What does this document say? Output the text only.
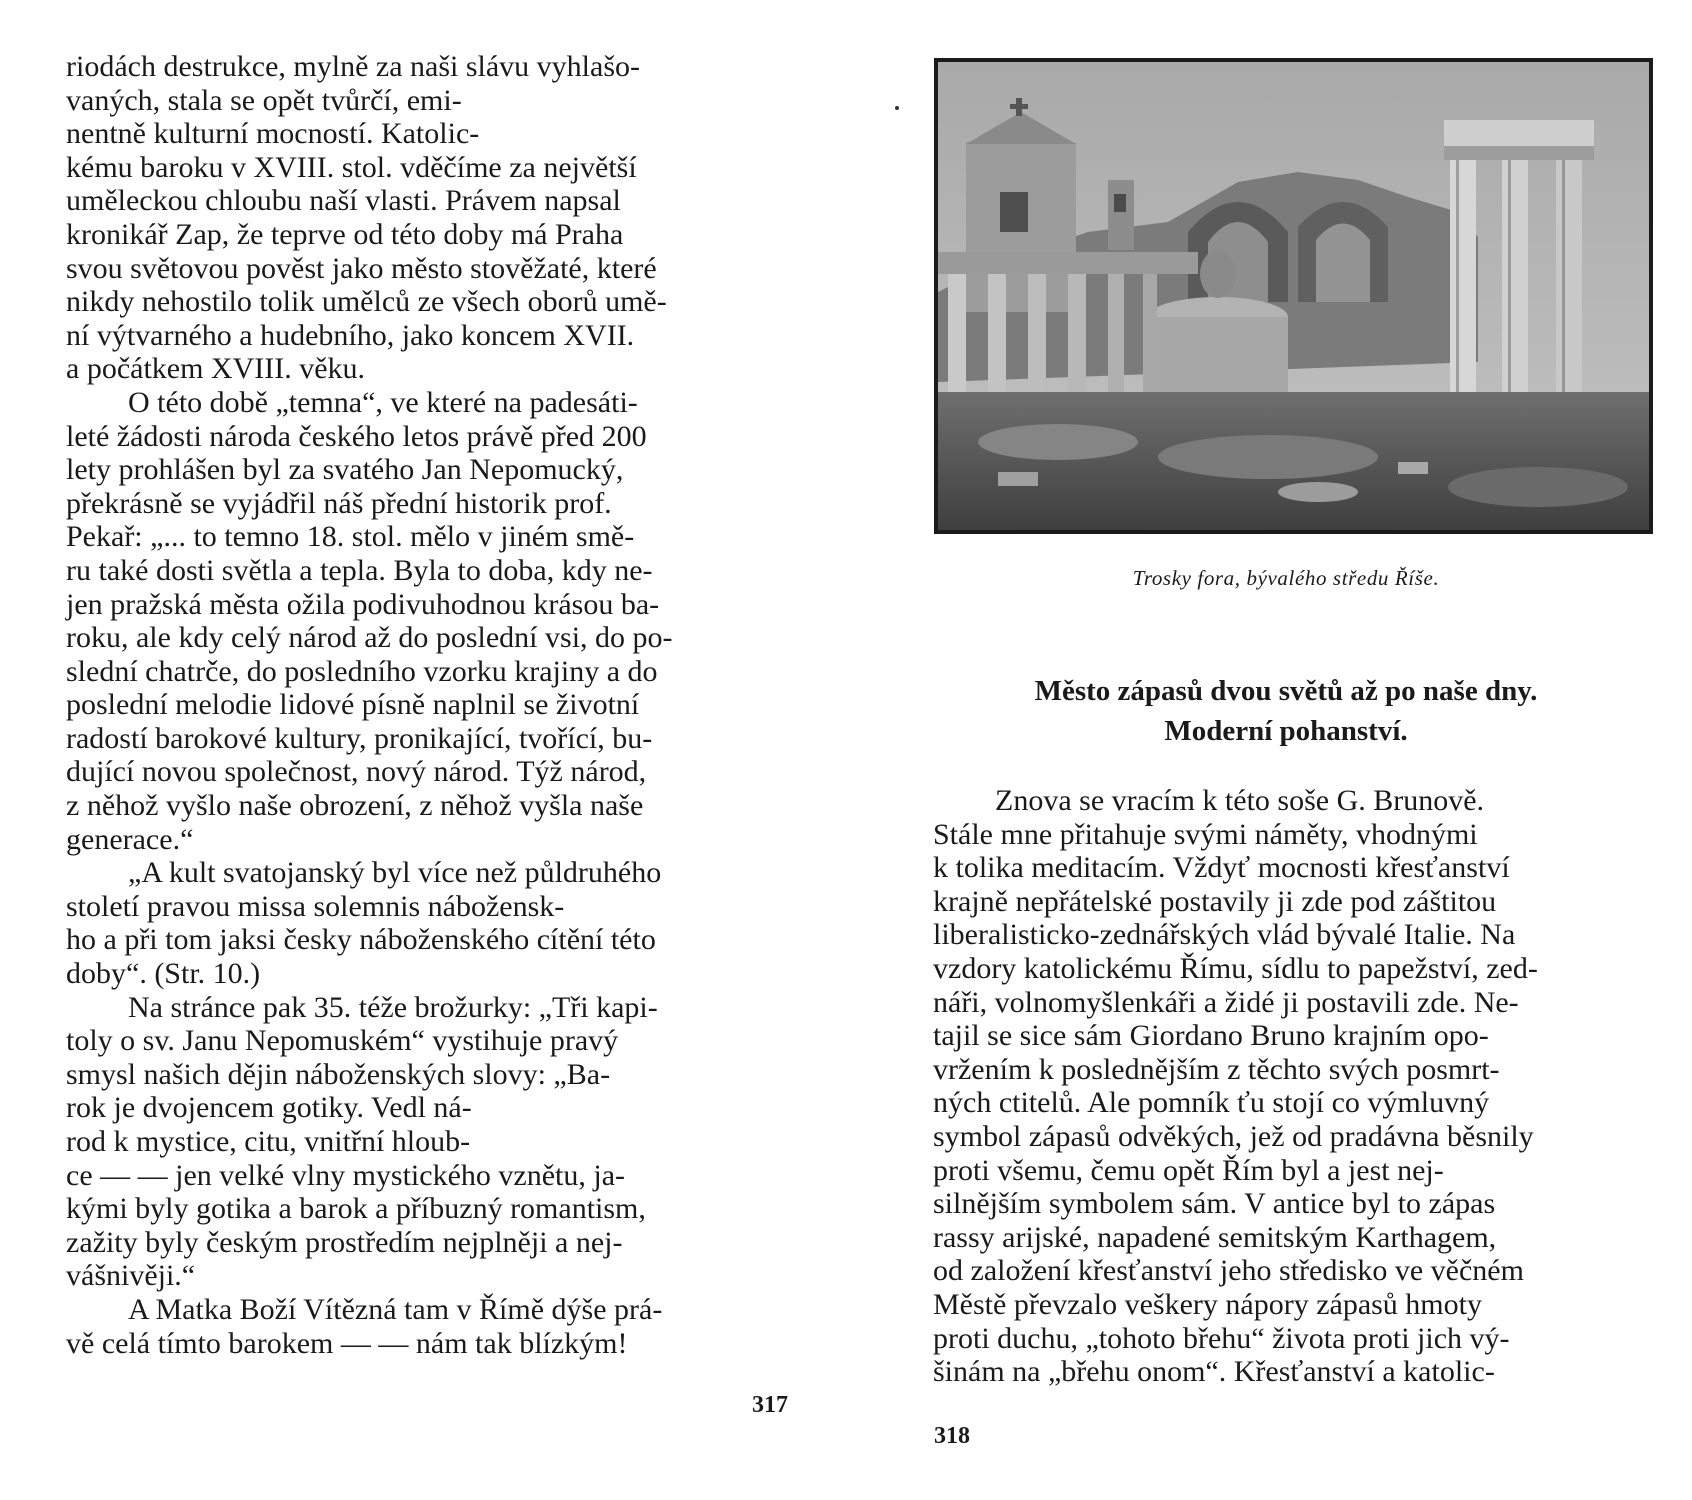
riodách destrukce, mylně za naši slávu vyhlašo-
vaných, stala se opět tvůrčí, emi-
nentně kulturní mocností. Katolic-
kému baroku v XVIII. stol. vděčíme za největší
uměleckou chloubu naší vlasti. Právem napsal
kronikář Zap, že teprve od této doby má Praha
svou světovou pověst jako město stověžaté, které
nikdy nehostilo tolik umělců ze všech oborů umě-
ní výtvarného a hudebního, jako koncem XVII.
a počátkem XVIII. věku.
O této době „temna“, ve které na padesáti-
leté žádosti národa českého letos právě před 200
lety prohlášen byl za svatého Jan Nepomucký,
překrásně se vyjádřil náš přední historik prof.
Pekař: „... to temno 18. stol. mělo v jiném smě-
ru také dosti světla a tepla. Byla to doba, kdy ne-
jen pražská města ožila podivuhodnou krásou ba-
roku, ale kdy celý národ až do poslední vsi, do po-
slední chatrče, do posledního vzorku krajiny a do
poslední melodie lidové písně naplnil se životní
radostí barokové kultury, pronikající, tvořící, bu-
dující novou společnost, nový národ. Týž národ,
z něhož vyšlo naše obrození, z něhož vyšla naše
generace.“
„A kult svatojanský byl více než půldruhého
století pravou missa solemnis nábožensk-
ho a při tom jaksi česky náboženského cítění této
doby“. (Str. 10.)
Na stránce pak 35. téže brožurky: „Tři kapi-
toly o sv. Janu Nepomuském“ vystihuje pravý
smysl našich dějin náboženských slovy: „Ba-
rok je dvojencem gotiky. Vedl ná-
rod k mystice, citu, vnitřní hloub-
ce — — jen velké vlny mystického vznětu, ja-
kými byly gotika a barok a příbuzný romantism,
zažity byly českým prostředím nejplněji a nej-
vášnivěji.“
A Matka Boží Vítězná tam v Římě dýše prá-
vě celá tímto barokem — — nám tak blízkým!
317
Trosky fora, bývalého středu Říše.
Město zápasů dvou světů až po naše dny.
Moderní pohanství.
Znova se vracím k této soše G. Brunově.
Stále mne přitahuje svými náměty, vhodnými
k tolika meditacím. Vždyť mocnosti křesťanství
krajně nepřátelské postavily ji zde pod záštitou
liberalisticko-zednářských vlád bývalé Italie. Na
vzdory katolickému Římu, sídlu to papežství, zed-
náři, volnomyšlenkáři a židé ji postavili zde. Ne-
tajil se sice sám Giordano Bruno krajním opo-
vržením k poslednějším z těchto svých posmrt-
ných ctitelů. Ale pomník ťu stojí co výmluvný
symbol zápasů odvěkých, jež od pradávna běsnily
proti všemu, čemu opět Řím byl a jest nej-
silnějším symbolem sám. V antice byl to zápas
rassy arijské, napadené semitským Karthagem,
od založení křesťanství jeho středisko ve věčném
Městě převzalo veškery nápory zápasů hmoty
proti duchu, „tohoto břehu“ života proti jich vý-
šinám na „břehu onom“. Křesťanství a katolic-
318
